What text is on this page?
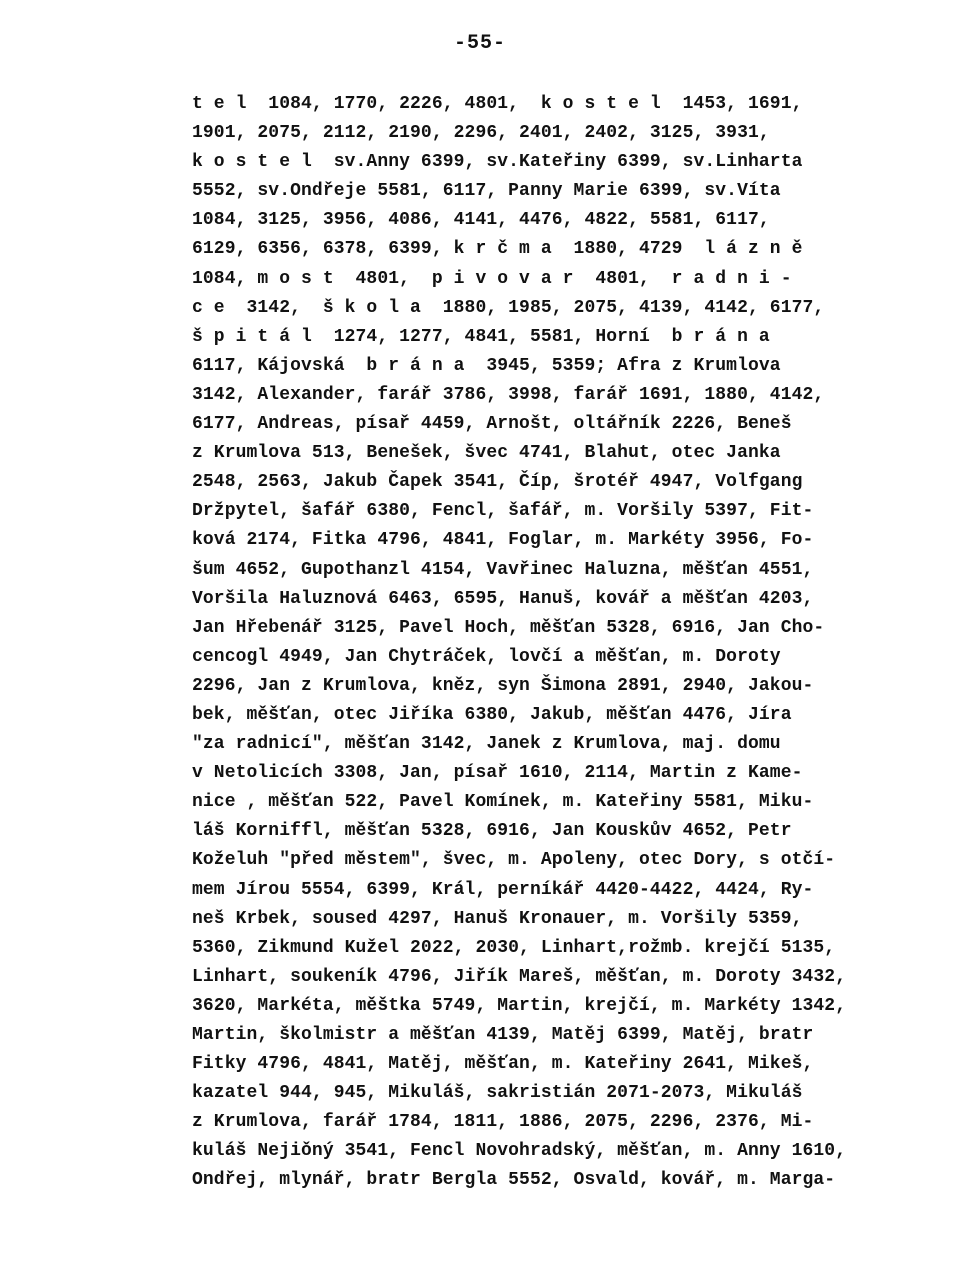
-55-
t e l  1084, 1770, 2226, 4801,  k o s t e l  1453, 1691,
1901, 2075, 2112, 2190, 2296, 2401, 2402, 3125, 3931,
k o s t e l  sv.Anny 6399, sv.Kateřiny 6399, sv.Linharta
5552, sv.Ondřeje 5581, 6117, Panny Marie 6399, sv.Víta
1084, 3125, 3956, 4086, 4141, 4476, 4822, 5581, 6117,
6129, 6356, 6378, 6399, k r č m a  1880, 4729  l á z n ě
1084, m o s t  4801,  p i v o v a r  4801,  r a d n i -
c e  3142,  š k o l a  1880, 1985, 2075, 4139, 4142, 6177,
š p i t á l  1274, 1277, 4841, 5581, Horní  b r á n a
6117, Kájovská  b r á n a  3945, 5359; Afra z Krumlova
3142, Alexander, farář 3786, 3998, farář 1691, 1880, 4142,
6177, Andreas, písař 4459, Arnošt, oltářník 2226, Beneš
z Krumlova 513, Benešek, švec 4741, Blahut, otec Janka
2548, 2563, Jakub Čapek 3541, Číp, šrotéř 4947, Volfgang
Držpytel, šafář 6380, Fencl, šafář, m. Voršily 5397, Fit-
ková 2174, Fitka 4796, 4841, Foglar, m. Markéty 3956, Fo-
šum 4652, Gupothanzl 4154, Vavřinec Haluzna, měšťan 4551,
Voršila Haluznová 6463, 6595, Hanuš, kovář a měšťan 4203,
Jan Hřebenář 3125, Pavel Hoch, měšťan 5328, 6916, Jan Cho-
cencogl 4949, Jan Chytráček, lovčí a měšťan, m. Doroty
2296, Jan z Krumlova, kněz, syn Šimona 2891, 2940, Jakou-
bek, měšťan, otec Jiříka 6380, Jakub, měšťan 4476, Jíra
"za radnicí", měšťan 3142, Janek z Krumlova, maj. domu
v Netolicích 3308, Jan, písař 1610, 2114, Martin z Kame-
nice , měšťan 522, Pavel Komínek, m. Kateřiny 5581, Miku-
láš Korniffl, měšťan 5328, 6916, Jan Kouskův 4652, Petr
Koželuh "před městem", švec, m. Apoleny, otec Dory, s otčí-
mem Jírou 5554, 6399, Král, perníkář 4420-4422, 4424, Ry-
neš Krbek, soused 4297, Hanuš Kronauer, m. Voršily 5359,
5360, Zikmund Kužel 2022, 2030, Linhart,rožmb. krejčí 5135,
Linhart, soukeník 4796, Jiřík Mareš, měšťan, m. Doroty 3432,
3620, Markéta, měštka 5749, Martin, krejčí, m. Markéty 1342,
Martin, školmistr a měšťan 4139, Matěj 6399, Matěj, bratr
Fitky 4796, 4841, Matěj, měšťan, m. Kateřiny 2641, Mikeš,
kazatel 944, 945, Mikuláš, sakristián 2071-2073, Mikuláš
z Krumlova, farář 1784, 1811, 1886, 2075, 2296, 2376, Mi-
kuláš Nejiǒný 3541, Fencl Novohradský, měšťan, m. Anny 1610,
Ondřej, mlynář, bratr Bergla 5552, Osvald, kovář, m. Marga-
